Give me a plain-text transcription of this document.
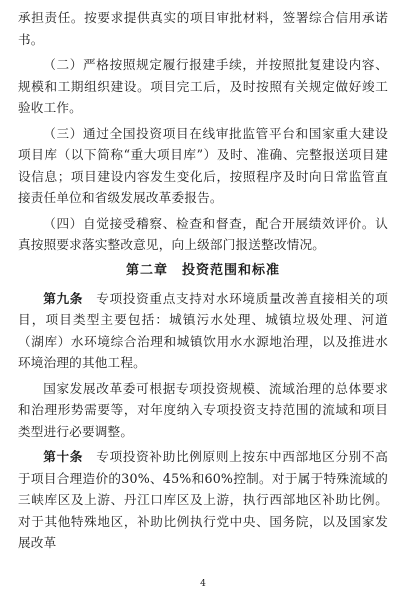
承担责任。按要求提供真实的项目审批材料，签署综合信用承诺书。

（二）严格按照规定履行报建手续，并按照批复建设内容、规模和工期组织建设。项目完工后，及时按照有关规定做好竣工验收工作。

（三）通过全国投资项目在线审批监管平台和国家重大建设项目库（以下简称“重大项目库”）及时、准确、完整报送项目建设信息；项目建设内容发生变化后，按照程序及时向日常监管直接责任单位和省级发展改革委报告。

（四）自觉接受稽察、检查和督查，配合开展绩效评价。认真按照要求落实整改意见，向上级部门报送整改情况。

第二章　投资范围和标准

第九条　专项投资重点支持对水环境质量改善直接相关的项目，项目类型主要包括：城镇污水处理、城镇垃圾处理、河道（湖库）水环境综合治理和城镇饮用水水源地治理，以及推进水环境治理的其他工程。

国家发展改革委可根据专项投资规模、流域治理的总体要求和治理形势需要等，对年度纳入专项投资支持范围的流域和项目类型进行必要调整。

第十条　专项投资补助比例原则上按东中西部地区分别不高于项目合理造价的30%、45%和60%控制。对于属于特殊流域的三峡库区及上游、丹江口库区及上游，执行西部地区补助比例。对于其他特殊地区，补助比例执行党中央、国务院，以及国家发展改革

4
